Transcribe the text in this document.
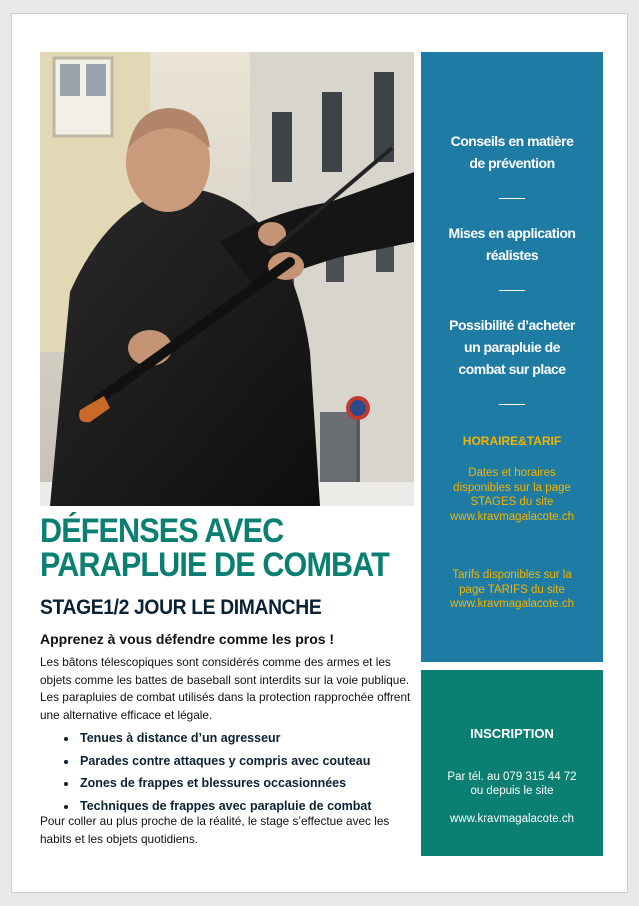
DÉFENSES AVEC
PARAPLUIE DE COMBAT
STAGE1/2 JOUR LE DIMANCHE
Apprenez à vous défendre comme les pros !
Les bâtons télescopiques sont considérés comme des armes et les objets comme les battes de baseball sont interdits sur la voie publique. Les parapluies de combat utilisés dans la protection rapprochée offrent une alternative efficace et légale.
• Tenues à distance d’un agresseur
• Parades contre attaques y compris avec couteau
• Zones de frappes et blessures occasionnées
• Techniques de frappes avec parapluie de combat
Pour coller au plus proche de la réalité, le stage s’effectue avec les habits et les objets quotidiens.
Conseils en matière
de prévention
Mises en application
réalistes
Possibilité d’acheter
un parapluie de
combat sur place
HORAIRE&TARIF
Dates et horaires
disponibles sur la page
STAGES du site
www.kravmagalacote.ch
Tarifs disponibles sur la
page TARIFS du site
www.kravmagalacote.ch
INSCRIPTION
Par tél. au 079 315 44 72
ou depuis le site
www.kravmagalacote.ch
